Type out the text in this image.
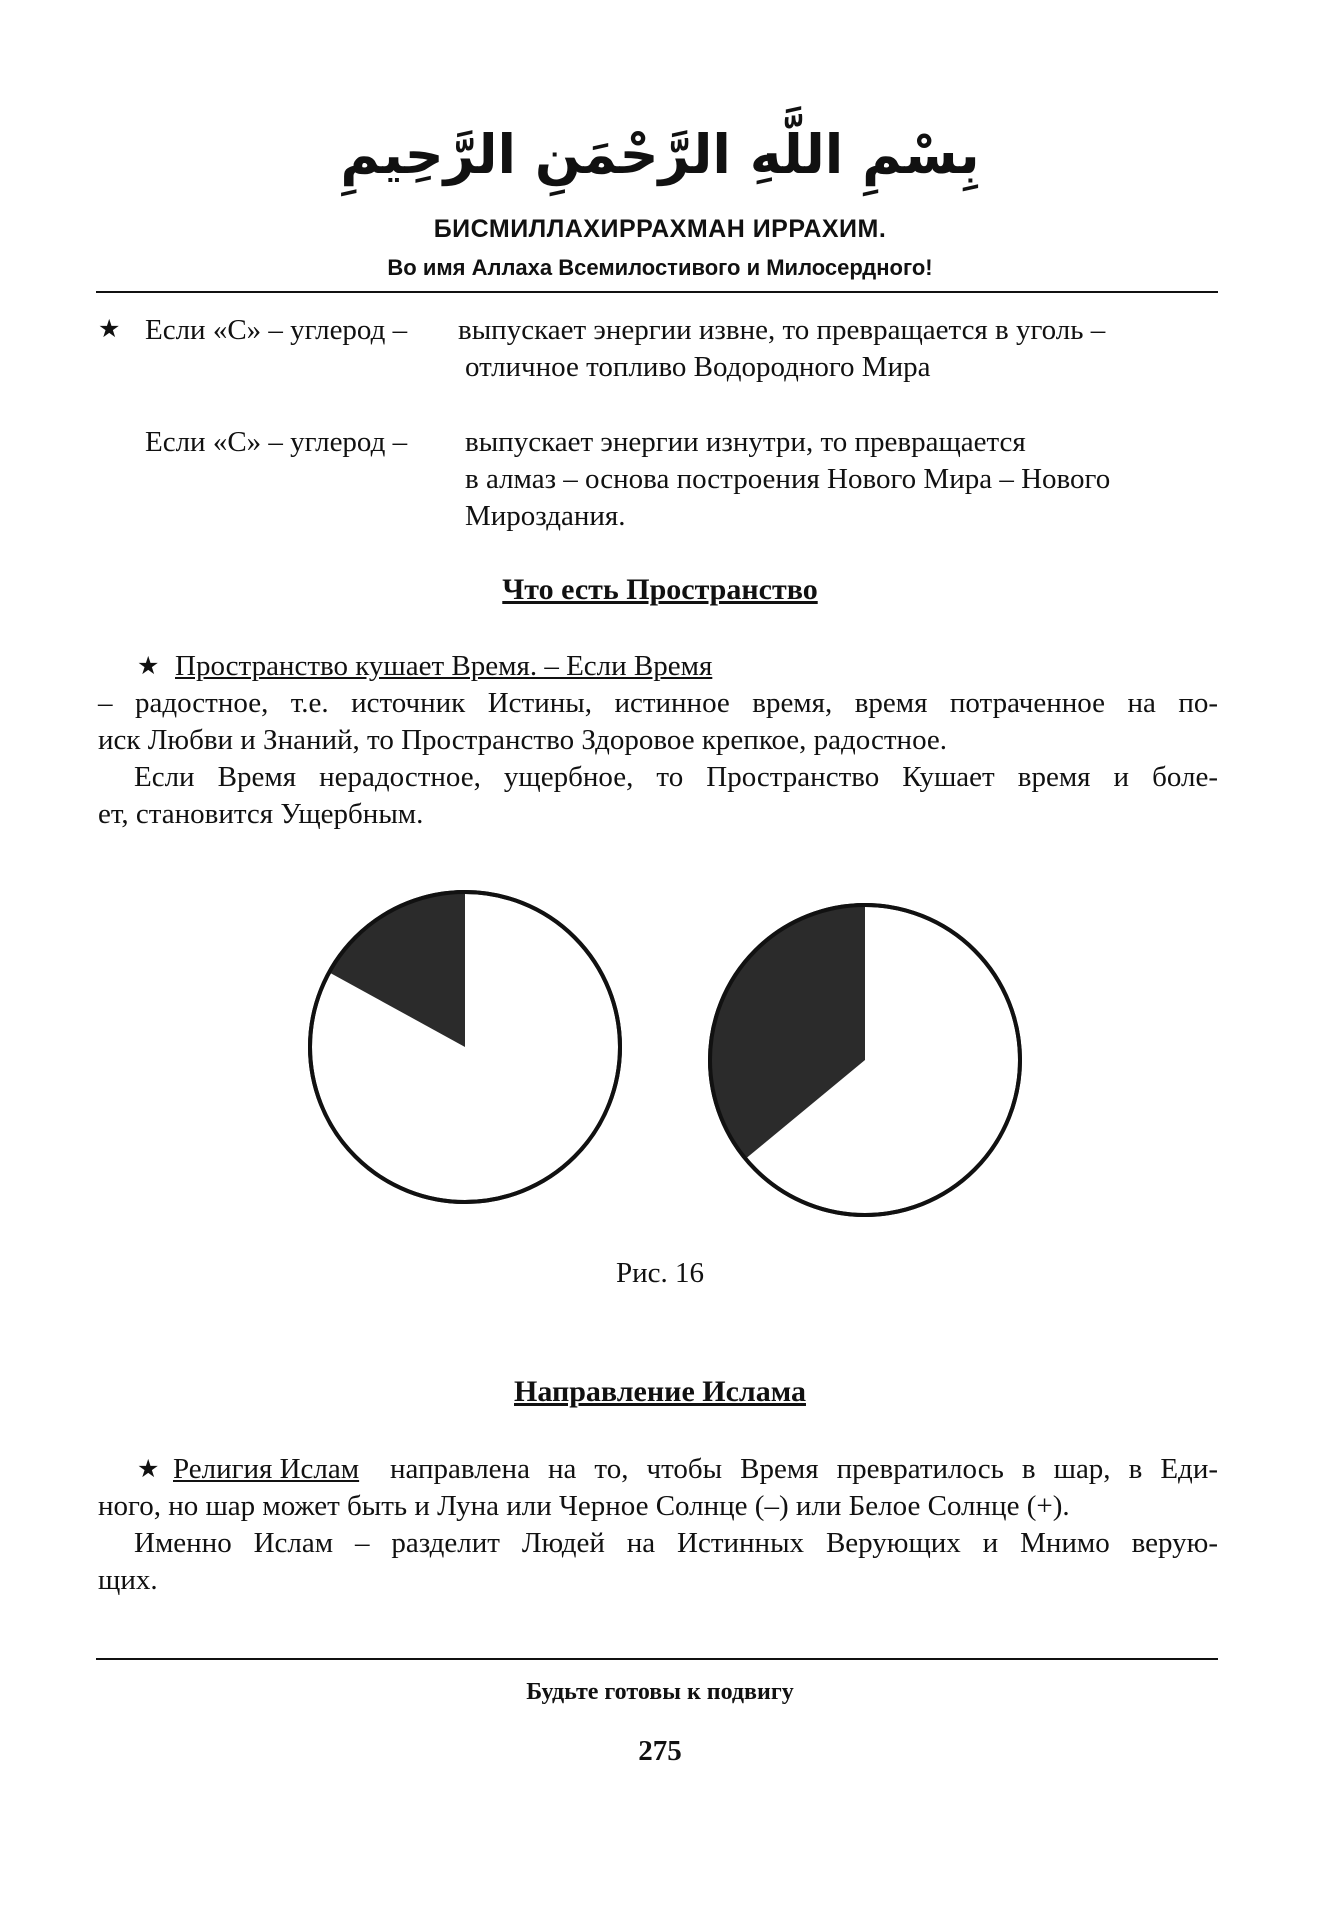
بِسْمِ اللَّهِ الرَّحْمَنِ الرَّحِيمِ
БИСМИЛЛАХИРРАХМАН ИРРАХИМ.
Во имя Аллаха Всемилостивого и Милосердного!
★ Если «С» – углерод – выпускает энергии извне, то превращается в уголь –
отличное топливо Водородного Мира
Если «С» – углерод – выпускает энергии изнутри, то превращается
в алмаз – основа построения Нового Мира – Нового
Мироздания.
Что есть Пространство
★ Пространство кушает Время. – Если Время
– радостное, т.е. источник Истины, истинное время, время потраченное на по-
иск Любви и Знаний, то Пространство Здоровое крепкое, радостное.
Если Время нерадостное, ущербное, то Пространство Кушает время и боле-
ет, становится Ущербным.
Рис. 16
Направление Ислама
★ Религия Ислам направлена на то, чтобы Время превратилось в шар, в Еди-
ного, но шар может быть и Луна или Черное Солнце (–) или Белое Солнце (+).
Именно Ислам – разделит Людей на Истинных Верующих и Мнимо верую-
щих.
Будьте готовы к подвигу
275
